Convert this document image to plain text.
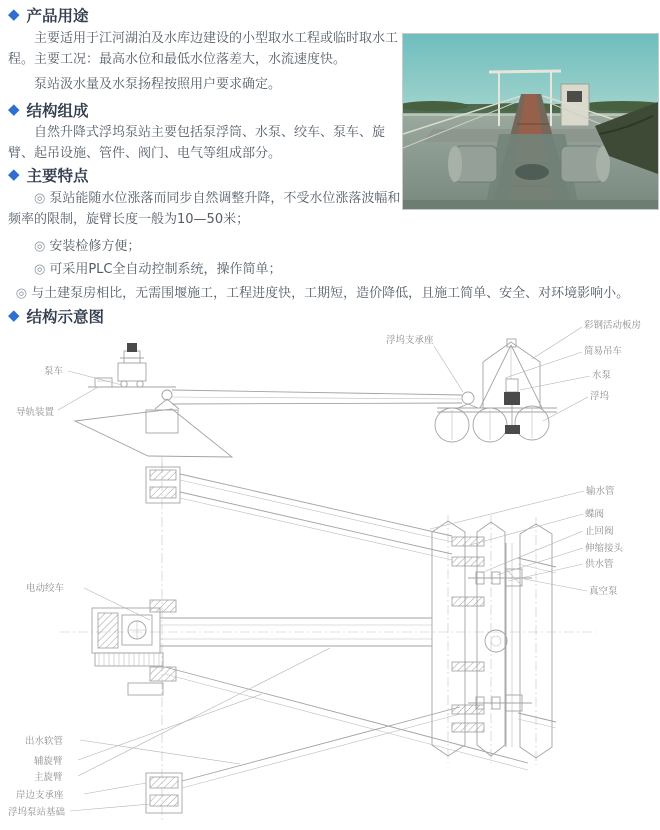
◆ 产品用途
主要适用于江河湖泊及水库边建设的小型取水工程或临时取水工程。主要工况：最高水位和最低水位落差大，水流速度快。
泵站汲水量及水泵扬程按照用户要求确定。
◆ 结构组成
自然升降式浮坞泵站主要包括泵浮筒、水泵、绞车、泵车、旋臂、起吊设施、管件、阀门、电气等组成部分。
◆ 主要特点
◎ 泵站能随水位涨落而同步自然调整升降，不受水位涨落波幅和频率的限制，旋臂长度一般为10—50米；
◎ 安装检修方便；
◎ 可采用PLC全自动控制系统，操作简单；
◎ 与土建泵房相比，无需围堰施工，工程进度快，工期短，造价降低，且施工简单、安全、对环境影响小。
◆ 结构示意图
泵车
导轨装置
浮坞支承座
彩钢活动板房
简易吊车
水泵
浮坞
输水管
蝶阀
止回阀
伸缩接头
供水管
真空泵
电动绞车
出水软管
辅旋臂
主旋臂
岸边支承座
浮坞泵站基础
